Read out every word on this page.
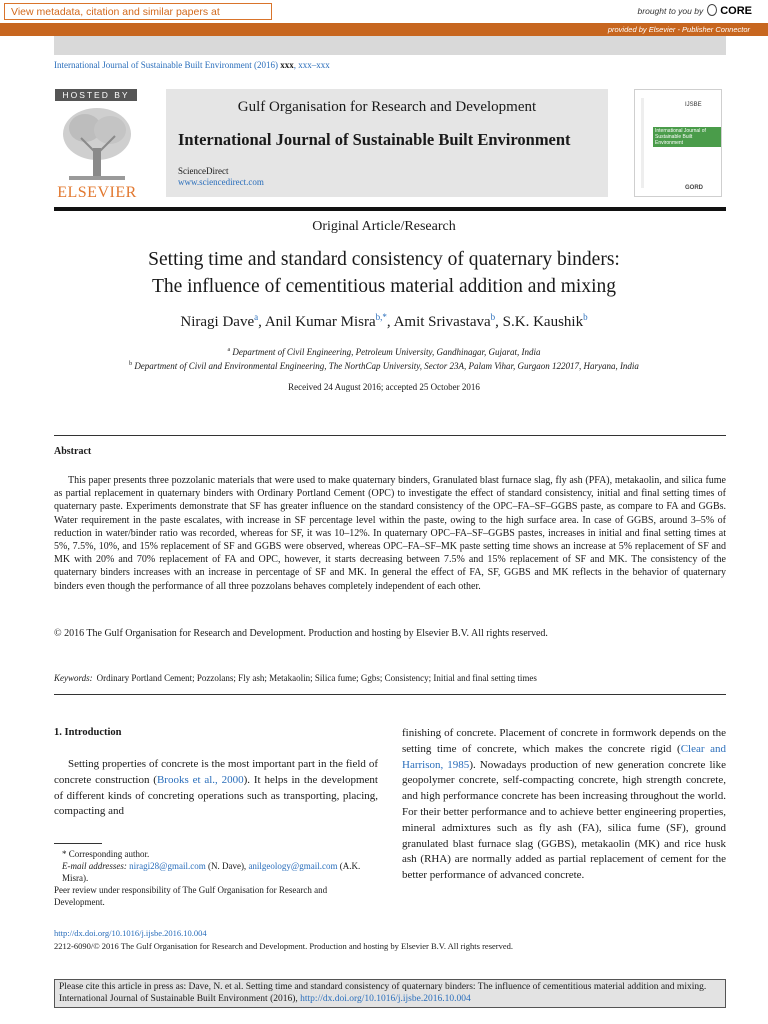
View metadata, citation and similar papers at	brought to you by CORE
provided by Elsevier - Publisher Connector
International Journal of Sustainable Built Environment (2016) xxx, xxx–xxx
HOSTED BY
ELSEVIER
Gulf Organisation for Research and Development
International Journal of Sustainable Built Environment
ScienceDirect
www.sciencedirect.com
IJSBE
International Journal of Sustainable Built Environment
GORD
Original Article/Research
Setting time and standard consistency of quaternary binders:
The influence of cementitious material addition and mixing
Niragi Dave$^a$, Anil Kumar Misra$^{b,*}$, Amit Srivastava$^b$, S.K. Kaushik$^b$
$^a$ Department of Civil Engineering, Petroleum University, Gandhinagar, Gujarat, India
$^b$ Department of Civil and Environmental Engineering, The NorthCap University, Sector 23A, Palam Vihar, Gurgaon 122017, Haryana, India
Received 24 August 2016; accepted 25 October 2016
Abstract

This paper presents three pozzolanic materials that were used to make quaternary binders, Granulated blast furnace slag, fly ash (PFA), metakaolin, and silica fume as partial replacement in quaternary binders with Ordinary Portland Cement (OPC) to investigate the effect of standard consistency, initial and final setting times of quaternary paste. Experiments demonstrate that SF has greater influence on the standard consistency of the OPC–FA–SF–GGBS paste, as compare to FA and GGBs. Water requirement in the paste escalates, with increase in SF percentage level within the paste, owing to the high surface area. In case of GGBS, around 3–5% of reduction in water/binder ratio was recorded, whereas for SF, it was 10–12%. In quaternary OPC–FA–SF–GGBS pastes, increases in initial and final setting times at 5%, 7.5%, 10%, and 15% replacement of SF and GGBS were observed, whereas OPC–FA–SF–MK paste setting time shows an increase at 5% replacement of SF and MK with 20% and 70% replacement of FA and OPC, however, it starts decreasing between 7.5% and 15% replacement of SF and MK. The consistency of the quaternary binders increases with an increase in percentage of SF and MK. In general the effect of FA, SF, GGBS and MK reflects in the behavior of quaternary binders even though the performance of all three pozzolans behaves completely independent of each other.

© 2016 The Gulf Organisation for Research and Development. Production and hosting by Elsevier B.V. All rights reserved.
Keywords: Ordinary Portland Cement; Pozzolans; Fly ash; Metakaolin; Silica fume; Ggbs; Consistency; Initial and final setting times
1. Introduction

Setting properties of concrete is the most important part in the field of concrete construction (Brooks et al., 2000). It helps in the development of different kinds of concreting operations such as transporting, placing, compacting and

finishing of concrete. Placement of concrete in formwork depends on the setting time of concrete, which makes the concrete rigid (Clear and Harrison, 1985). Nowadays production of new generation concrete like geopolymer concrete, self-compacting concrete, high strength concrete, and high performance concrete has been increasing throughout the world. For their better performance and to achieve better engineering properties, mineral admixtures such as fly ash (FA), silica fume (SF), ground granulated blast furnace slag (GGBS), metakaolin (MK) and rice husk ash (RHA) are normally added as partial replacement of cement for the better performance of advanced concrete.

* Corresponding author.

E-mail addresses: niragi28@gmail.com (N. Dave), anilgeology@gmail.com (A.K. Misra).

Peer review under responsibility of The Gulf Organisation for Research and Development.

http://dx.doi.org/10.1016/j.ijsbe.2016.10.004
2212-6090/© 2016 The Gulf Organisation for Research and Development. Production and hosting by Elsevier B.V. All rights reserved.
Please cite this article in press as: Dave, N. et al. Setting time and standard consistency of quaternary binders: The influence of cementitious material addition and mixing. International Journal of Sustainable Built Environment (2016), http://dx.doi.org/10.1016/j.ijsbe.2016.10.004
